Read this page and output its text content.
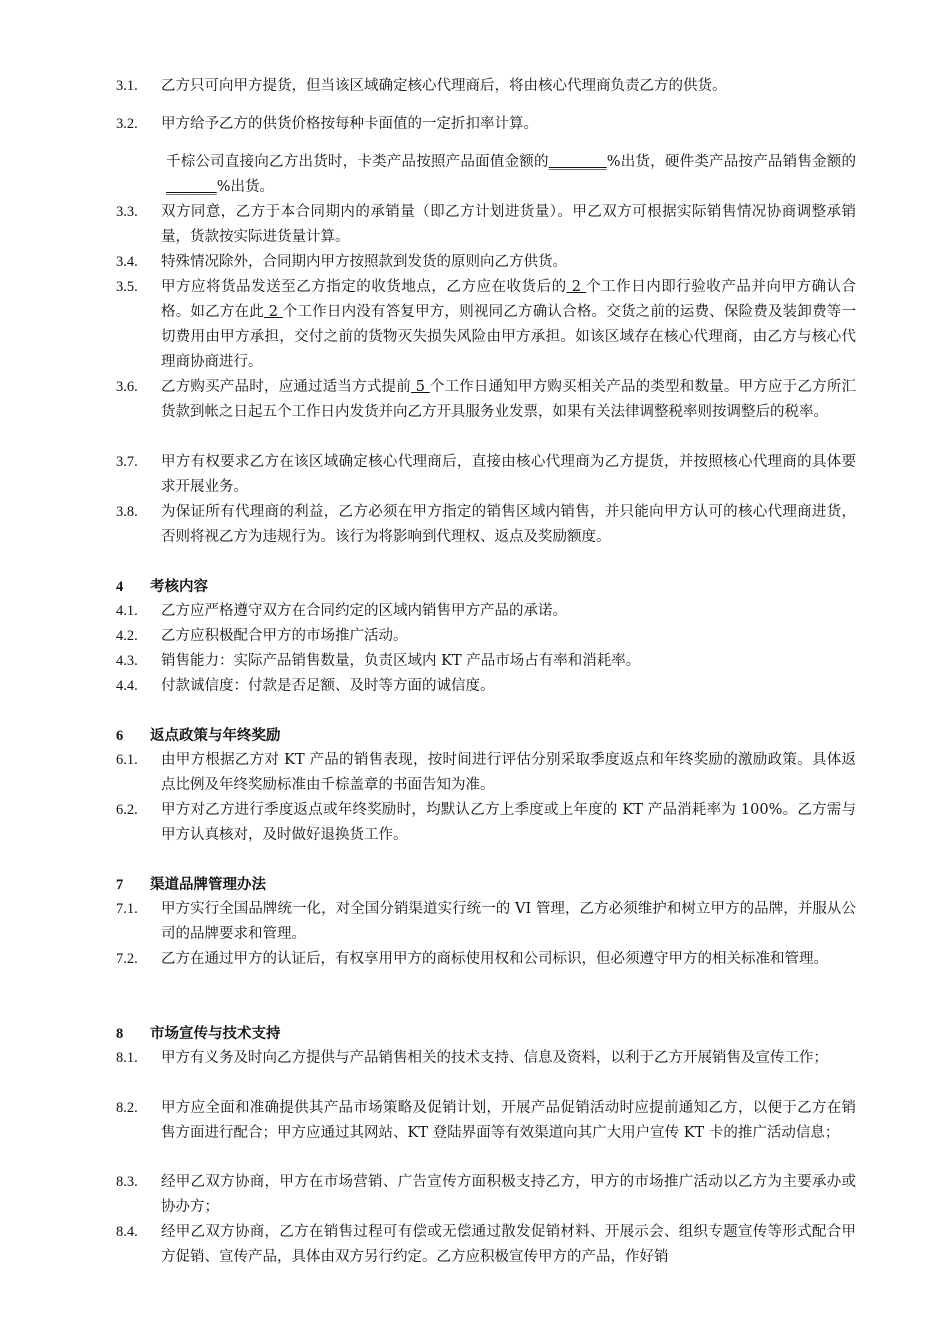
3.1.	乙方只可向甲方提货，但当该区域确定核心代理商后，将由核心代理商负责乙方的供货。
3.2.	甲方给予乙方的供货价格按每种卡面值的一定折扣率计算。
千棕公司直接向乙方出货时，卡类产品按照产品面值金额的________%出货，硬件类产品按产品销售金额的_______%出货。
3.3.	双方同意，乙方于本合同期内的承销量（即乙方计划进货量）。甲乙双方可根据实际销售情况协商调整承销量，货款按实际进货量计算。
3.4.	特殊情况除外，合同期内甲方按照款到发货的原则向乙方供货。
3.5.	甲方应将货品发送至乙方指定的收货地点，乙方应在收货后的 2 个工作日内即行验收产品并向甲方确认合格。如乙方在此 2 个工作日内没有答复甲方，则视同乙方确认合格。交货之前的运费、保险费及装卸费等一切费用由甲方承担，交付之前的货物灭失损失风险由甲方承担。如该区域存在核心代理商，由乙方与核心代理商协商进行。
3.6.	乙方购买产品时，应通过适当方式提前 5 个工作日通知甲方购买相关产品的类型和数量。甲方应于乙方所汇货款到帐之日起五个工作日内发货并向乙方开具服务业发票，如果有关法律调整税率则按调整后的税率。
3.7.	甲方有权要求乙方在该区域确定核心代理商后，直接由核心代理商为乙方提货，并按照核心代理商的具体要求开展业务。
3.8.	为保证所有代理商的利益，乙方必须在甲方指定的销售区域内销售，并只能向甲方认可的核心代理商进货，否则将视乙方为违规行为。该行为将影响到代理权、返点及奖励额度。
4 考核内容
4.1.	乙方应严格遵守双方在合同约定的区域内销售甲方产品的承诺。
4.2.	乙方应积极配合甲方的市场推广活动。
4.3.	销售能力：实际产品销售数量，负责区域内 KT 产品市场占有率和消耗率。
4.4.	付款诚信度：付款是否足额、及时等方面的诚信度。
6 返点政策与年终奖励
6.1.	由甲方根据乙方对 KT 产品的销售表现，按时间进行评估分别采取季度返点和年终奖励的激励政策。具体返点比例及年终奖励标准由千棕盖章的书面告知为准。
6.2.	甲方对乙方进行季度返点或年终奖励时，均默认乙方上季度或上年度的 KT 产品消耗率为 100%。乙方需与甲方认真核对，及时做好退换货工作。
7 渠道品牌管理办法
7.1.	甲方实行全国品牌统一化，对全国分销渠道实行统一的 VI 管理，乙方必须维护和树立甲方的品牌，并服从公司的品牌要求和管理。
7.2.	乙方在通过甲方的认证后，有权享用甲方的商标使用权和公司标识，但必须遵守甲方的相关标准和管理。
8 市场宣传与技术支持
8.1.	甲方有义务及时向乙方提供与产品销售相关的技术支持、信息及资料，以利于乙方开展销售及宣传工作；
8.2.	甲方应全面和准确提供其产品市场策略及促销计划，开展产品促销活动时应提前通知乙方，以便于乙方在销售方面进行配合；甲方应通过其网站、KT 登陆界面等有效渠道向其广大用户宣传 KT 卡的推广活动信息；
8.3.	经甲乙双方协商，甲方在市场营销、广告宣传方面积极支持乙方，甲方的市场推广活动以乙方为主要承办或协办方；
8.4.	经甲乙双方协商，乙方在销售过程可有偿或无偿通过散发促销材料、开展示会、组织专题宣传等形式配合甲方促销、宣传产品，具体由双方另行约定。乙方应积极宣传甲方的产品，作好销
